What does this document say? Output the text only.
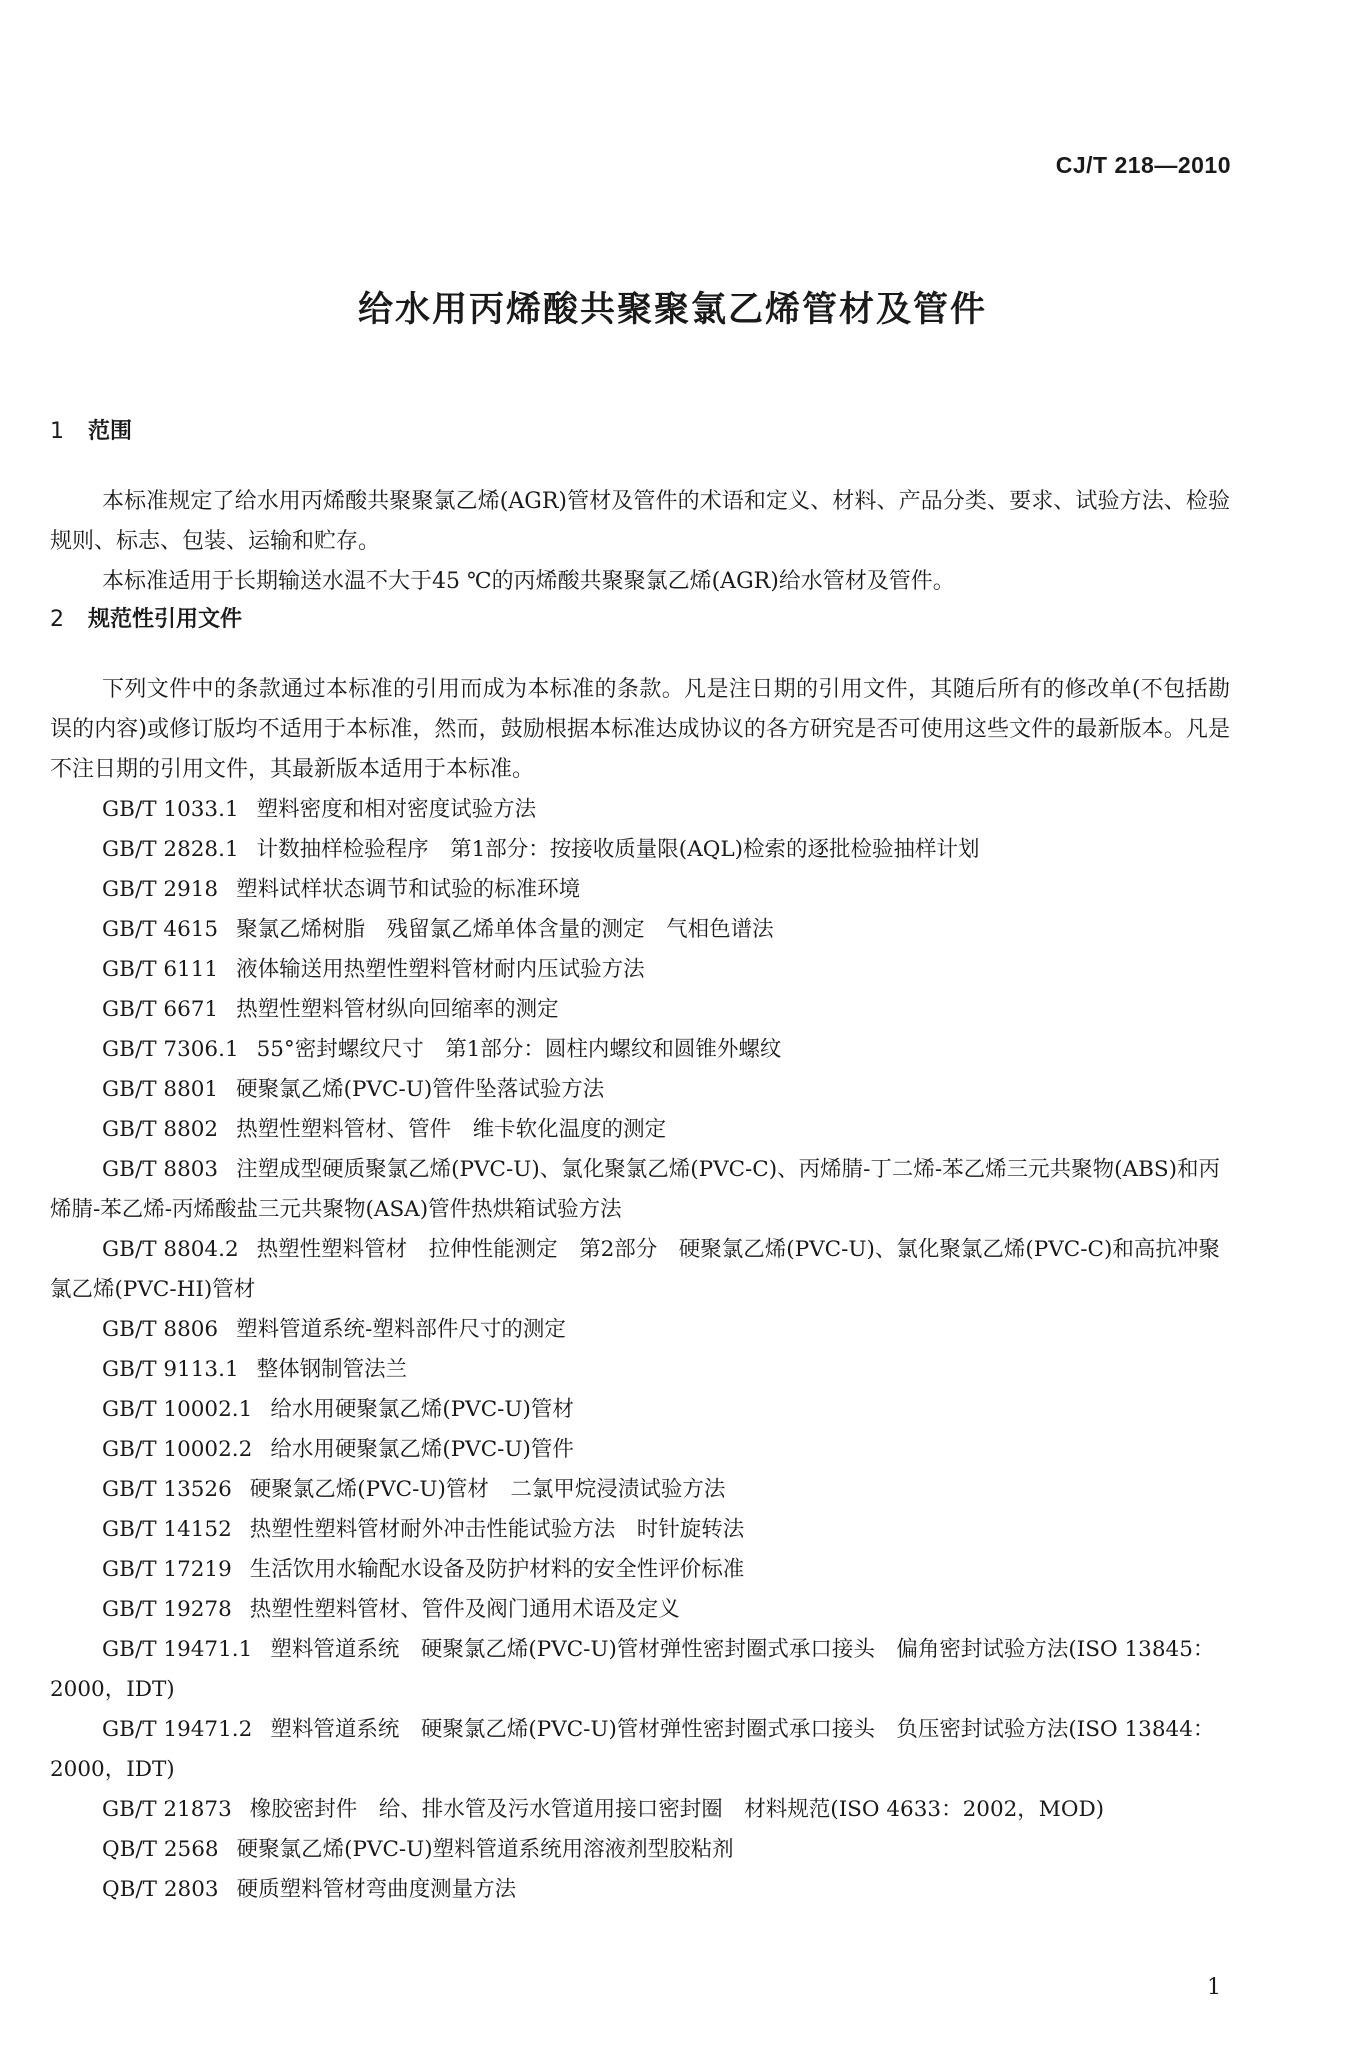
CJ/T 218—2010
给水用丙烯酸共聚聚氯乙烯管材及管件
1 范围

本标准规定了给水用丙烯酸共聚聚氯乙烯(AGR)管材及管件的术语和定义、材料、产品分类、要求、试验方法、检验规则、标志、包装、运输和贮存。

本标准适用于长期输送水温不大于45 ℃的丙烯酸共聚聚氯乙烯(AGR)给水管材及管件。

2 规范性引用文件

下列文件中的条款通过本标准的引用而成为本标准的条款。凡是注日期的引用文件，其随后所有的修改单(不包括勘误的内容)或修订版均不适用于本标准，然而，鼓励根据本标准达成协议的各方研究是否可使用这些文件的最新版本。凡是不注日期的引用文件，其最新版本适用于本标准。

GB/T 1033.1 塑料密度和相对密度试验方法

GB/T 2828.1 计数抽样检验程序　第1部分：按接收质量限(AQL)检索的逐批检验抽样计划

GB/T 2918 塑料试样状态调节和试验的标准环境

GB/T 4615 聚氯乙烯树脂　残留氯乙烯单体含量的测定　气相色谱法

GB/T 6111 液体输送用热塑性塑料管材耐内压试验方法

GB/T 6671 热塑性塑料管材纵向回缩率的测定

GB/T 7306.1 55°密封螺纹尺寸　第1部分：圆柱内螺纹和圆锥外螺纹

GB/T 8801 硬聚氯乙烯(PVC-U)管件坠落试验方法

GB/T 8802 热塑性塑料管材、管件　维卡软化温度的测定

GB/T 8803 注塑成型硬质聚氯乙烯(PVC-U)、氯化聚氯乙烯(PVC-C)、丙烯腈-丁二烯-苯乙烯三元共聚物(ABS)和丙烯腈-苯乙烯-丙烯酸盐三元共聚物(ASA)管件热烘箱试验方法

GB/T 8804.2 热塑性塑料管材　拉伸性能测定　第2部分　硬聚氯乙烯(PVC-U)、氯化聚氯乙烯(PVC-C)和高抗冲聚氯乙烯(PVC-HI)管材

GB/T 8806 塑料管道系统-塑料部件尺寸的测定

GB/T 9113.1 整体钢制管法兰

GB/T 10002.1 给水用硬聚氯乙烯(PVC-U)管材

GB/T 10002.2 给水用硬聚氯乙烯(PVC-U)管件

GB/T 13526 硬聚氯乙烯(PVC-U)管材　二氯甲烷浸渍试验方法

GB/T 14152 热塑性塑料管材耐外冲击性能试验方法　时针旋转法

GB/T 17219 生活饮用水输配水设备及防护材料的安全性评价标准

GB/T 19278 热塑性塑料管材、管件及阀门通用术语及定义

GB/T 19471.1 塑料管道系统　硬聚氯乙烯(PVC-U)管材弹性密封圈式承口接头　偏角密封试验方法(ISO 13845：2000，IDT)

GB/T 19471.2 塑料管道系统　硬聚氯乙烯(PVC-U)管材弹性密封圈式承口接头　负压密封试验方法(ISO 13844：2000，IDT)

GB/T 21873 橡胶密封件　给、排水管及污水管道用接口密封圈　材料规范(ISO 4633：2002，MOD)

QB/T 2568 硬聚氯乙烯(PVC-U)塑料管道系统用溶液剂型胶粘剂

QB/T 2803 硬质塑料管材弯曲度测量方法

1
